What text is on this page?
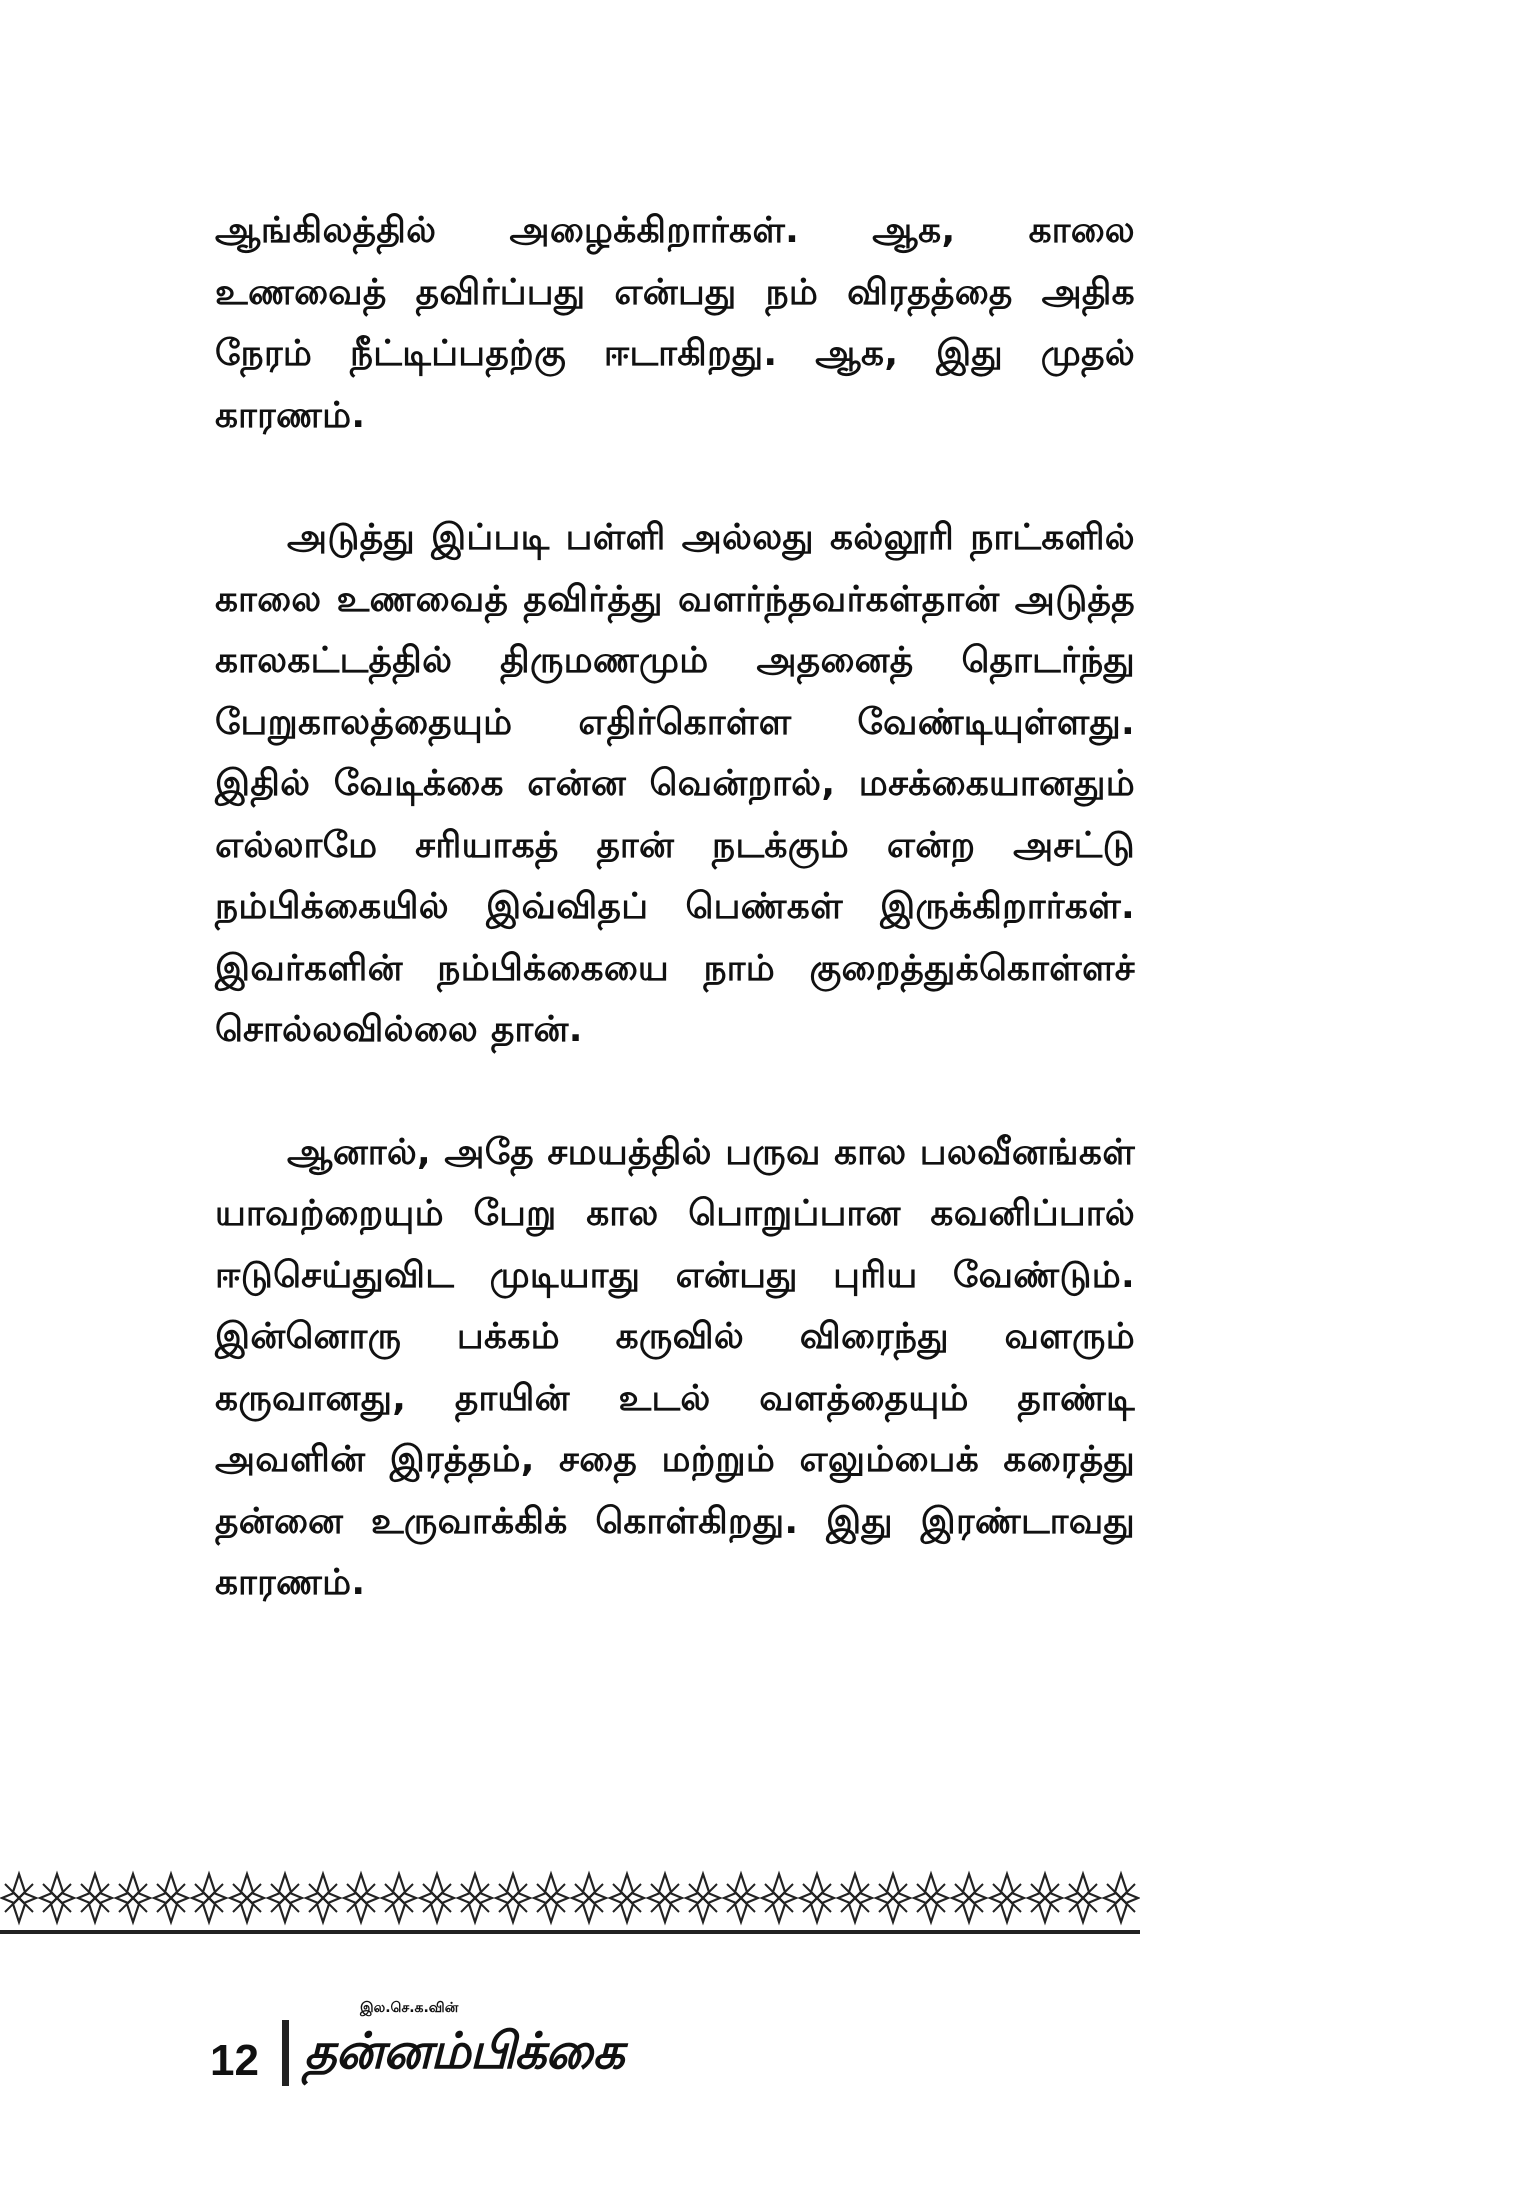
ஆங்கிலத்தில் அழைக்கிறார்கள். ஆக, காலை உணவைத் தவிர்ப்பது என்பது நம் விரதத்தை அதிக நேரம் நீட்டிப்பதற்கு ஈடாகிறது. ஆக, இது முதல் காரணம்.

அடுத்து இப்படி பள்ளி அல்லது கல்லூரி நாட்களில் காலை உணவைத் தவிர்த்து வளர்ந்தவர்கள்தான் அடுத்த காலகட்டத்தில் திருமணமும் அதனைத் தொடர்ந்து பேறுகாலத்தையும் எதிர்கொள்ள வேண்டியுள்ளது. இதில் வேடிக்கை என்ன வென்றால், மசக்கையானதும் எல்லாமே சரியாகத் தான் நடக்கும் என்ற அசட்டு நம்பிக்கையில் இவ்விதப் பெண்கள் இருக்கிறார்கள். இவர்களின் நம்பிக்கையை நாம் குறைத்துக்கொள்ளச் சொல்லவில்லை தான்.

ஆனால், அதே சமயத்தில் பருவ கால பலவீனங்கள் யாவற்றையும் பேறு கால பொறுப்பான கவனிப்பால் ஈடுசெய்துவிட முடியாது என்பது புரிய வேண்டும். இன்னொரு பக்கம் கருவில் விரைந்து வளரும் கருவானது, தாயின் உடல் வளத்தையும் தாண்டி அவளின் இரத்தம், சதை மற்றும் எலும்பைக் கரைத்து தன்னை உருவாக்கிக் கொள்கிறது. இது இரண்டாவது காரணம்.

12
இல.செ.க.வின்
தன்னம்பிக்கை
